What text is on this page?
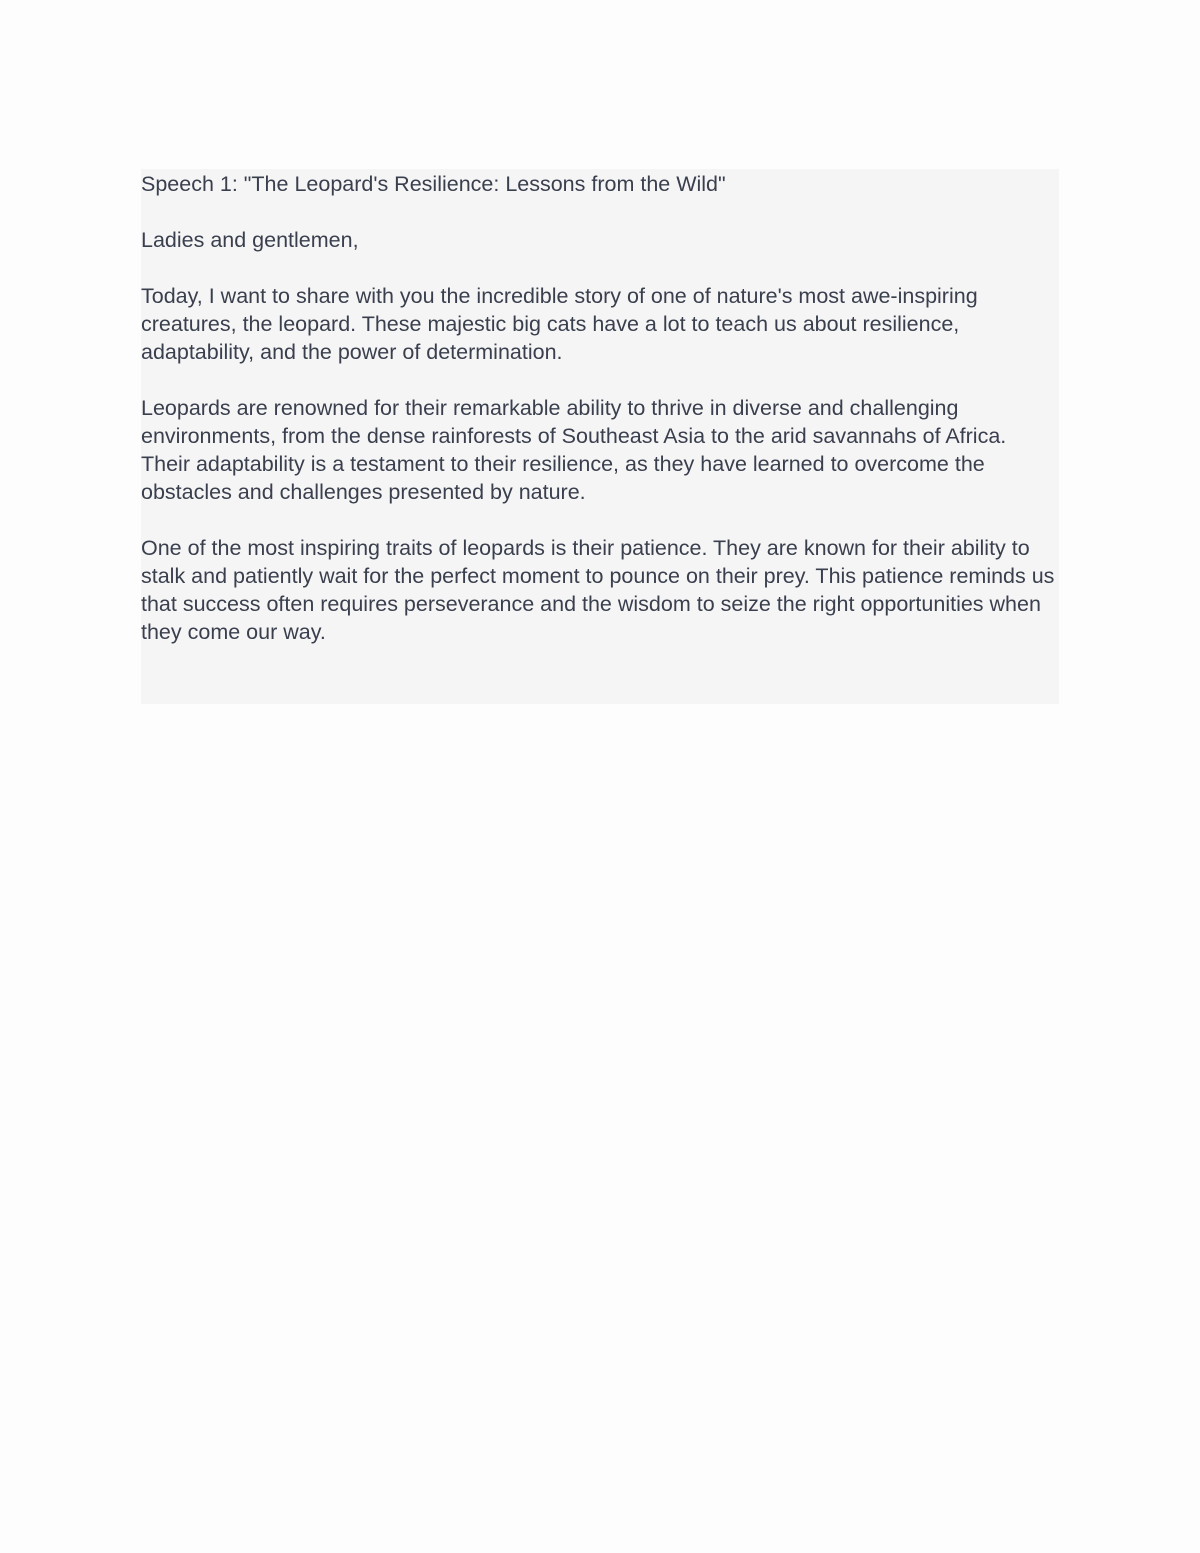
Speech 1: "The Leopard's Resilience: Lessons from the Wild"

Ladies and gentlemen,

Today, I want to share with you the incredible story of one of nature's most awe-inspiring creatures, the leopard. These majestic big cats have a lot to teach us about resilience, adaptability, and the power of determination.

Leopards are renowned for their remarkable ability to thrive in diverse and challenging environments, from the dense rainforests of Southeast Asia to the arid savannahs of Africa. Their adaptability is a testament to their resilience, as they have learned to overcome the obstacles and challenges presented by nature.

One of the most inspiring traits of leopards is their patience. They are known for their ability to stalk and patiently wait for the perfect moment to pounce on their prey. This patience reminds us that success often requires perseverance and the wisdom to seize the right opportunities when they come our way.
